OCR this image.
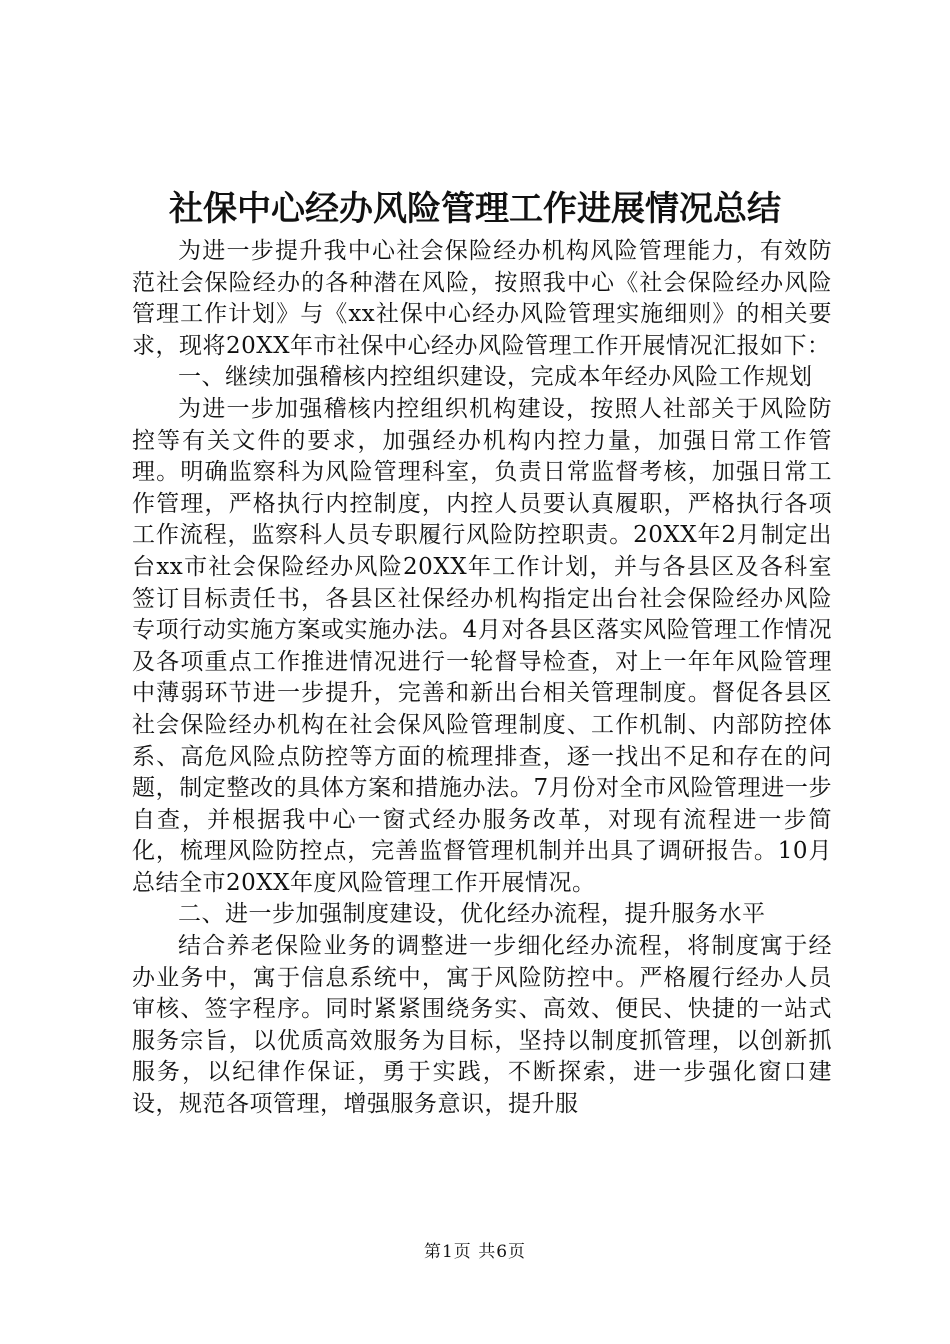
社保中心经办风险管理工作进展情况总结

为进一步提升我中心社会保险经办机构风险管理能力，有效防范社会保险经办的各种潜在风险，按照我中心《社会保险经办风险管理工作计划》与《xx社保中心经办风险管理实施细则》的相关要求，现将20XX年市社保中心经办风险管理工作开展情况汇报如下：

一、继续加强稽核内控组织建设，完成本年经办风险工作规划

为进一步加强稽核内控组织机构建设，按照人社部关于风险防控等有关文件的要求，加强经办机构内控力量，加强日常工作管理。明确监察科为风险管理科室，负责日常监督考核，加强日常工作管理，严格执行内控制度，内控人员要认真履职，严格执行各项工作流程，监察科人员专职履行风险防控职责。20XX年2月制定出台xx市社会保险经办风险20XX年工作计划，并与各县区及各科室签订目标责任书，各县区社保经办机构指定出台社会保险经办风险专项行动实施方案或实施办法。4月对各县区落实风险管理工作情况及各项重点工作推进情况进行一轮督导检查，对上一年年风险管理中薄弱环节进一步提升，完善和新出台相关管理制度。督促各县区社会保险经办机构在社会保风险管理制度、工作机制、内部防控体系、高危风险点防控等方面的梳理排查，逐一找出不足和存在的问题，制定整改的具体方案和措施办法。7月份对全市风险管理进一步自查，并根据我中心一窗式经办服务改革，对现有流程进一步简化，梳理风险防控点，完善监督管理机制并出具了调研报告。10月总结全市20XX年度风险管理工作开展情况。

二、进一步加强制度建设，优化经办流程，提升服务水平

结合养老保险业务的调整进一步细化经办流程，将制度寓于经办业务中，寓于信息系统中，寓于风险防控中。严格履行经办人员审核、签字程序。同时紧紧围绕务实、高效、便民、快捷的一站式服务宗旨，以优质高效服务为目标，坚持以制度抓管理，以创新抓服务，以纪律作保证，勇于实践，不断探索，进一步强化窗口建设，规范各项管理，增强服务意识，提升服

第1页 共6页
